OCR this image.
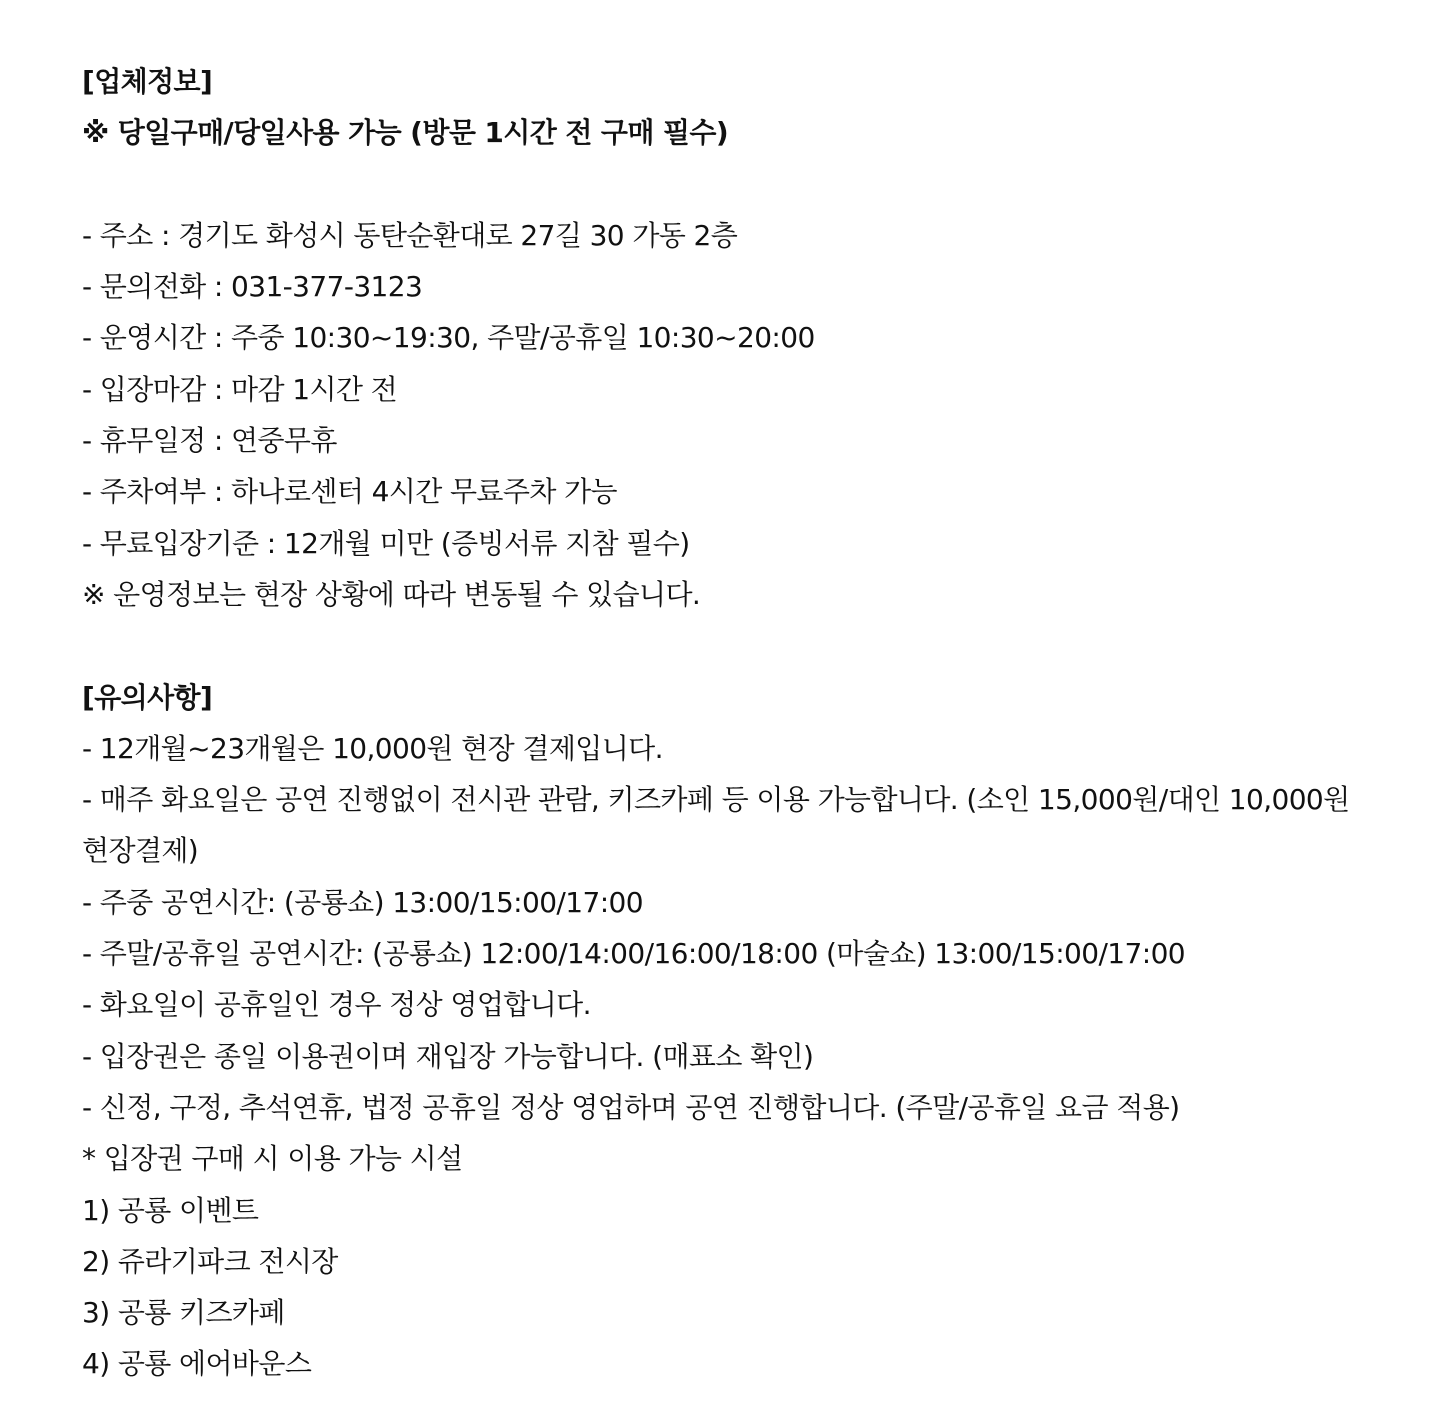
[업체정보]
※ 당일구매/당일사용 가능 (방문 1시간 전 구매 필수)
- 주소 : 경기도 화성시 동탄순환대로 27길 30 가동 2층
- 문의전화 : 031-377-3123
- 운영시간 : 주중 10:30~19:30, 주말/공휴일 10:30~20:00
- 입장마감 : 마감 1시간 전
- 휴무일정 : 연중무휴
- 주차여부 : 하나로센터 4시간 무료주차 가능
- 무료입장기준 : 12개월 미만 (증빙서류 지참 필수)
※ 운영정보는 현장 상황에 따라 변동될 수 있습니다.
[유의사항]
- 12개월~23개월은 10,000원 현장 결제입니다.
- 매주 화요일은 공연 진행없이 전시관 관람, 키즈카페 등 이용 가능합니다. (소인 15,000원/대인 10,000원 현장결제)
- 주중 공연시간: (공룡쇼) 13:00/15:00/17:00
- 주말/공휴일 공연시간: (공룡쇼) 12:00/14:00/16:00/18:00 (마술쇼) 13:00/15:00/17:00
- 화요일이 공휴일인 경우 정상 영업합니다.
- 입장권은 종일 이용권이며 재입장 가능합니다. (매표소 확인)
- 신정, 구정, 추석연휴, 법정 공휴일 정상 영업하며 공연 진행합니다. (주말/공휴일 요금 적용)
* 입장권 구매 시 이용 가능 시설
1) 공룡 이벤트
2) 쥬라기파크 전시장
3) 공룡 키즈카페
4) 공룡 에어바운스
